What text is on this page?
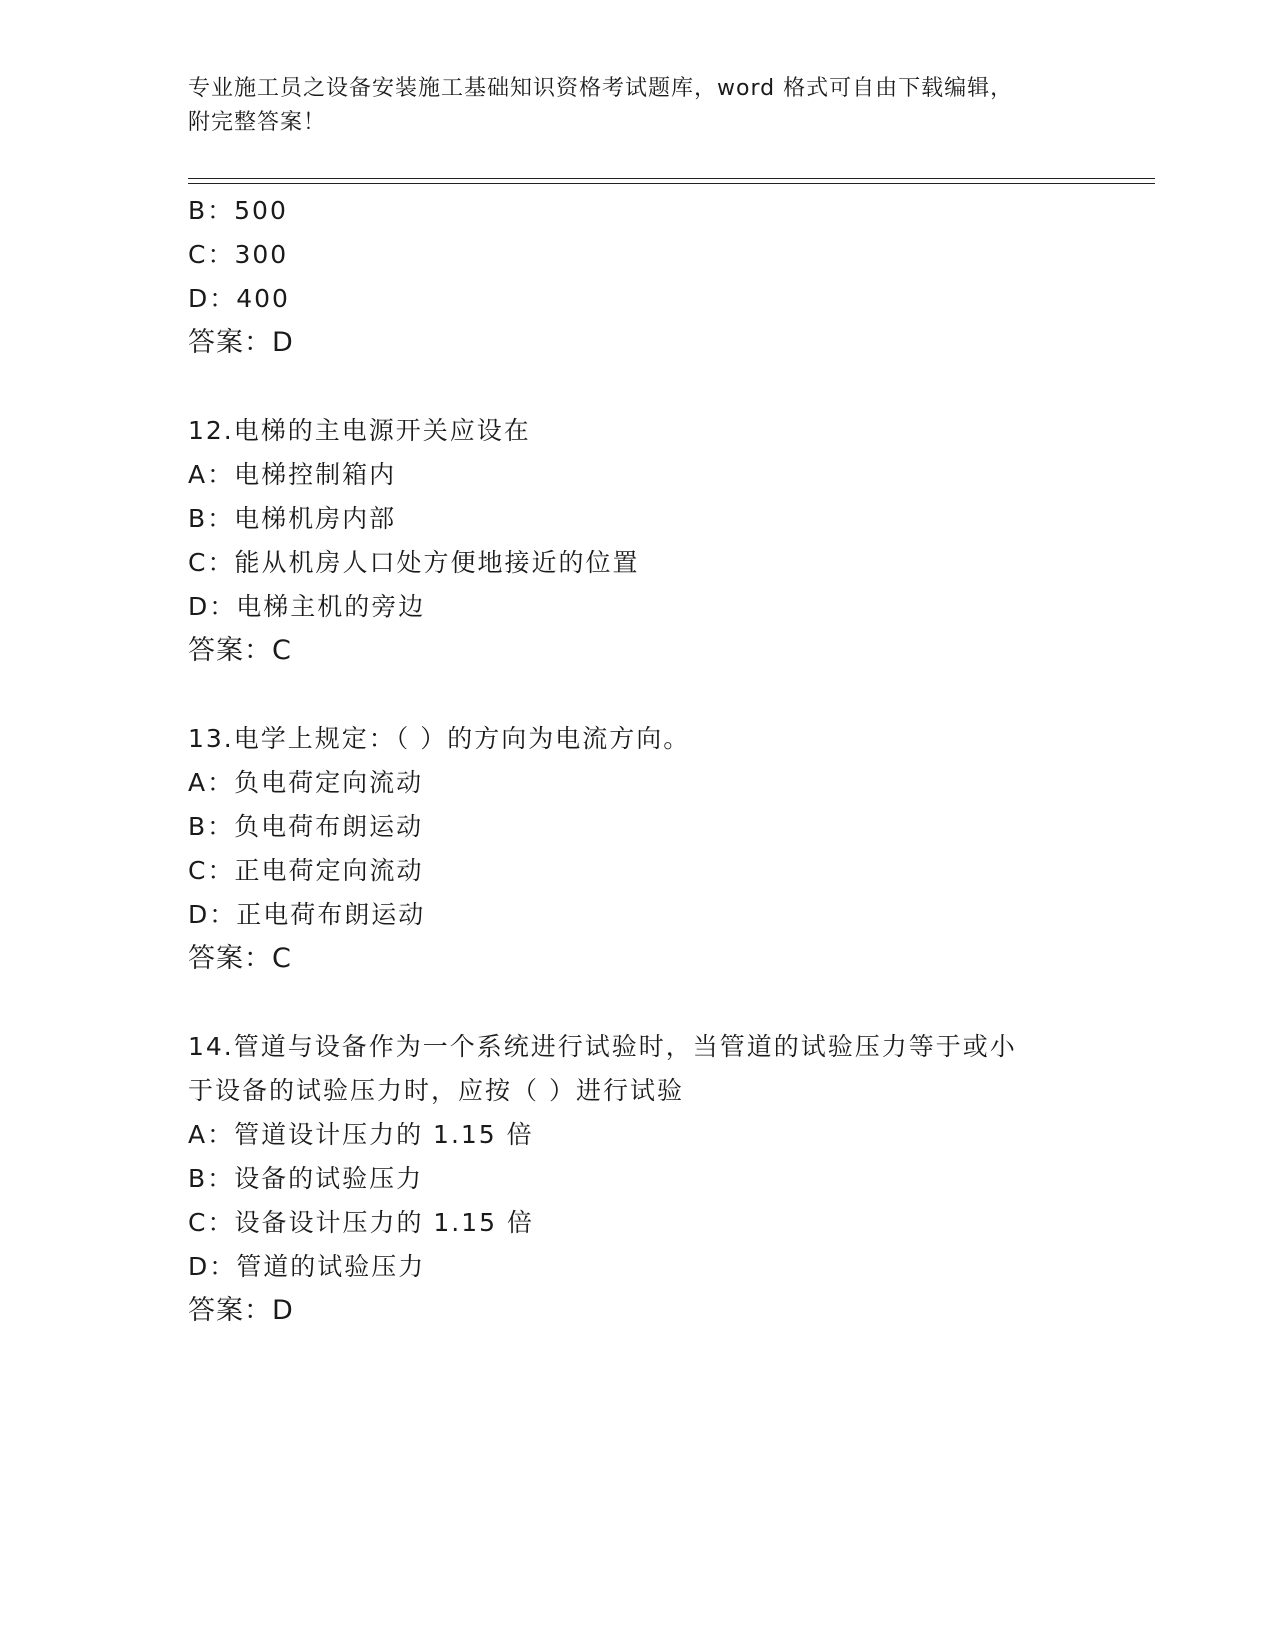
专业施工员之设备安装施工基础知识资格考试题库，word 格式可自由下载编辑，
附完整答案！
B：500
C：300
D：400
答案：D
12.电梯的主电源开关应设在
A：电梯控制箱内
B：电梯机房内部
C：能从机房人口处方便地接近的位置
D：电梯主机的旁边
答案：C
13.电学上规定：（ ）的方向为电流方向。
A：负电荷定向流动
B：负电荷布朗运动
C：正电荷定向流动
D：正电荷布朗运动
答案：C
14.管道与设备作为一个系统进行试验时，当管道的试验压力等于或小
于设备的试验压力时，应按（ ）进行试验
A：管道设计压力的 1.15 倍
B：设备的试验压力
C：设备设计压力的 1.15 倍
D：管道的试验压力
答案：D
